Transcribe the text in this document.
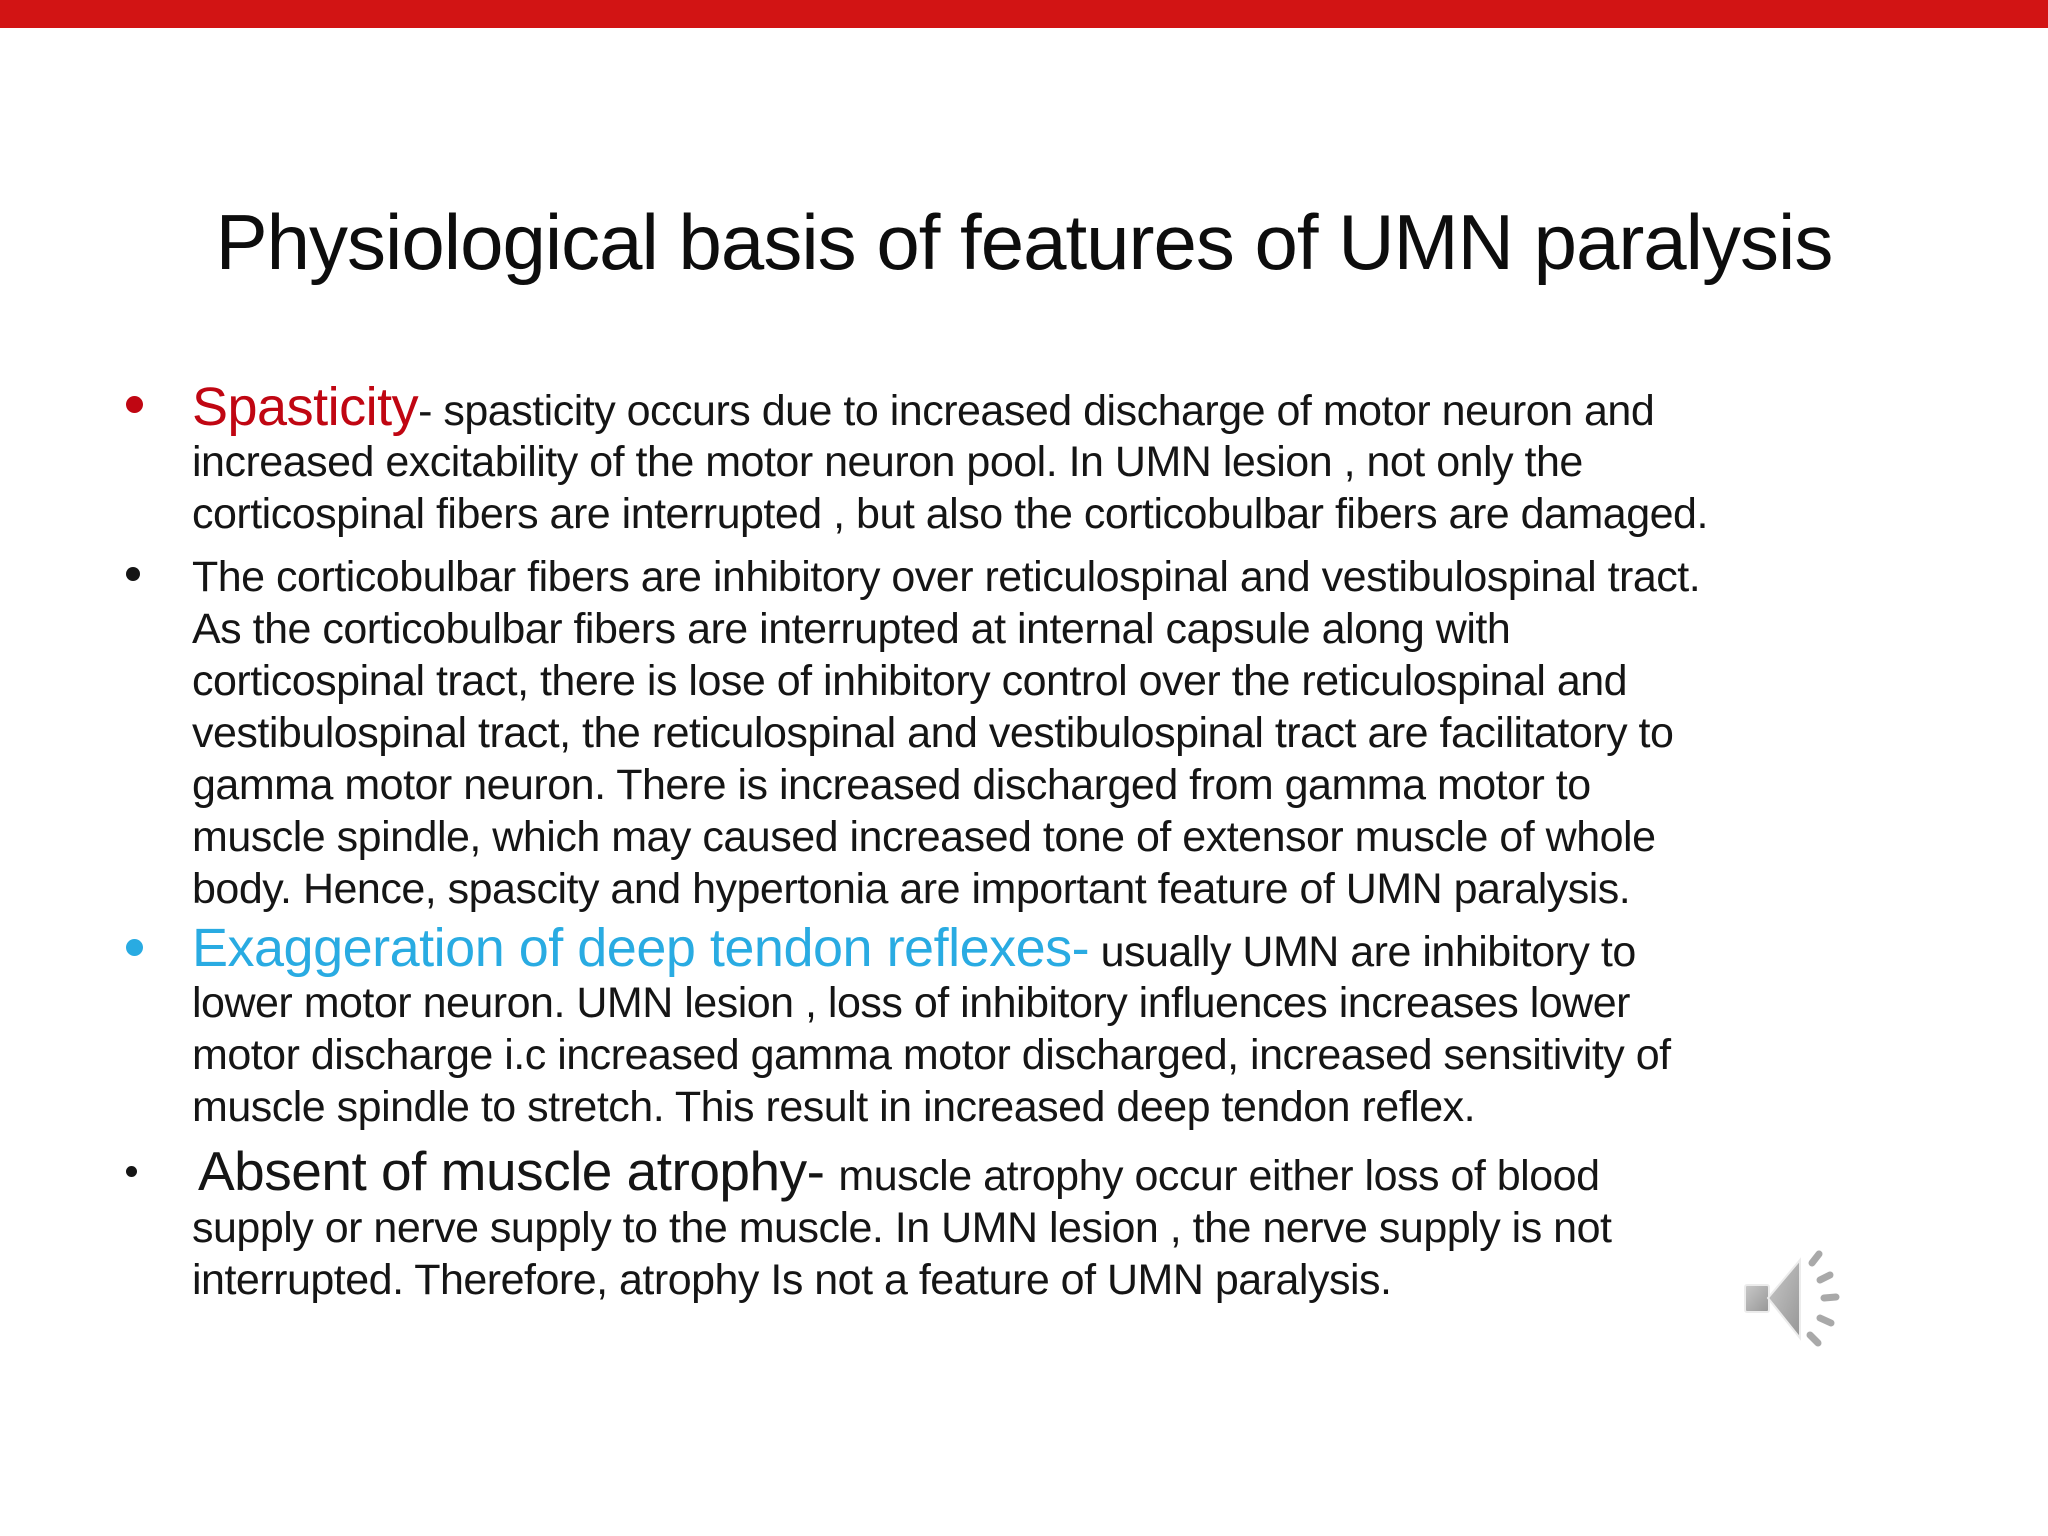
Physiological basis of features of UMN paralysis
Spasticity- spasticity occurs due to increased discharge of motor neuron and
increased excitability of the motor neuron pool. In UMN lesion , not only the
corticospinal fibers are interrupted , but also the corticobulbar fibers are damaged.
The corticobulbar fibers are inhibitory over reticulospinal and vestibulospinal tract.
As the corticobulbar fibers are interrupted at internal capsule along with
corticospinal tract, there is lose of inhibitory control over the reticulospinal and
vestibulospinal tract, the reticulospinal and vestibulospinal tract are facilitatory to
gamma motor neuron. There is increased discharged from gamma motor to
muscle spindle, which may caused increased tone of extensor muscle of whole
body. Hence, spascity and hypertonia are important feature of UMN paralysis.
Exaggeration of deep tendon reflexes- usually UMN are inhibitory to
lower motor neuron. UMN lesion , loss of inhibitory influences increases lower
motor discharge i.c increased gamma motor discharged, increased sensitivity of
muscle spindle to stretch. This result in increased deep tendon reflex.
Absent of muscle atrophy- muscle atrophy occur either loss of blood
supply or nerve supply to the muscle. In UMN lesion , the nerve supply is not
interrupted. Therefore, atrophy Is not a feature of UMN paralysis.
